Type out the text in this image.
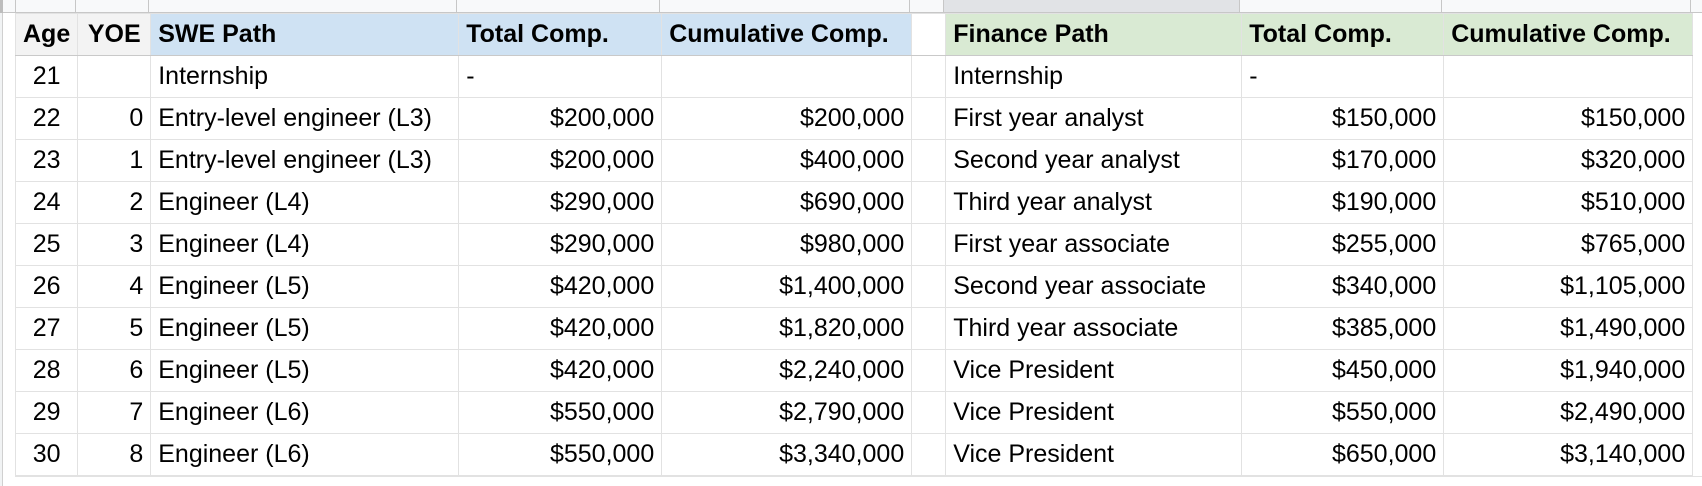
Age	YOE	SWE Path	Total Comp.	Cumulative Comp.		Finance Path	Total Comp.	Cumulative Comp.
21		Internship	-			Internship	-	
22	0	Entry-level engineer (L3)	$200,000	$200,000		First year analyst	$150,000	$150,000
23	1	Entry-level engineer (L3)	$200,000	$400,000		Second year analyst	$170,000	$320,000
24	2	Engineer (L4)	$290,000	$690,000		Third year analyst	$190,000	$510,000
25	3	Engineer (L4)	$290,000	$980,000		First year associate	$255,000	$765,000
26	4	Engineer (L5)	$420,000	$1,400,000		Second year associate	$340,000	$1,105,000
27	5	Engineer (L5)	$420,000	$1,820,000		Third year associate	$385,000	$1,490,000
28	6	Engineer (L5)	$420,000	$2,240,000		Vice President	$450,000	$1,940,000
29	7	Engineer (L6)	$550,000	$2,790,000		Vice President	$550,000	$2,490,000
30	8	Engineer (L6)	$550,000	$3,340,000		Vice President	$650,000	$3,140,000
